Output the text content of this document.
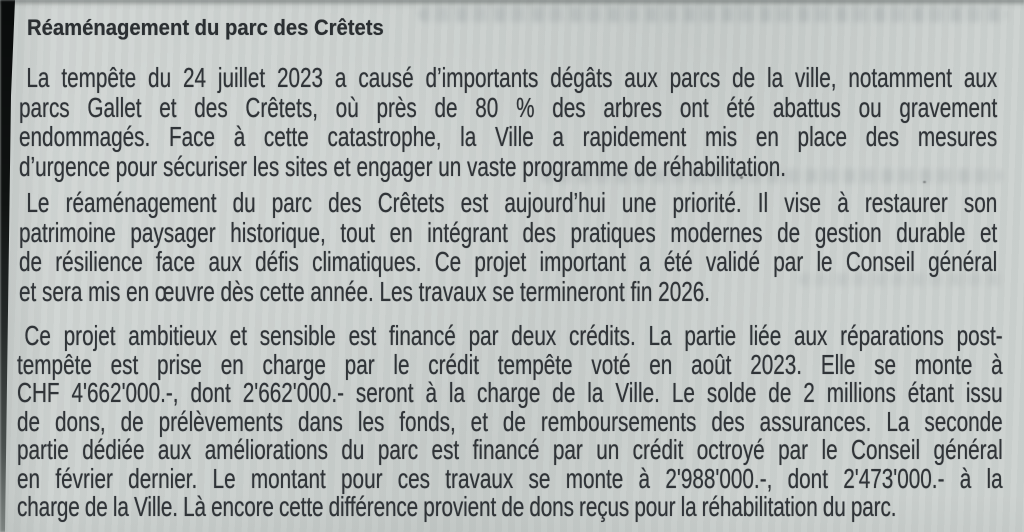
Réaménagement du parc des Crêtets
La tempête du 24 juillet 2023 a causé d’importants dégâts aux parcs de la ville, notamment aux
parcs Gallet et des Crêtets, où près de 80 % des arbres ont été abattus ou gravement
endommagés. Face à cette catastrophe, la Ville a rapidement mis en place des mesures
d’urgence pour sécuriser les sites et engager un vaste programme de réhabilitation.
Le réaménagement du parc des Crêtets est aujourd’hui une priorité. Il vise à restaurer son
patrimoine paysager historique, tout en intégrant des pratiques modernes de gestion durable et
de résilience face aux défis climatiques. Ce projet important a été validé par le Conseil général
et sera mis en œuvre dès cette année. Les travaux se termineront fin 2026.
Ce projet ambitieux et sensible est financé par deux crédits. La partie liée aux réparations post-
tempête est prise en charge par le crédit tempête voté en août 2023. Elle se monte à
CHF 4'662'000.-, dont 2'662'000.- seront à la charge de la Ville. Le solde de 2 millions étant issu
de dons, de prélèvements dans les fonds, et de remboursements des assurances. La seconde
partie dédiée aux améliorations du parc est financé par un crédit octroyé par le Conseil général
en février dernier. Le montant pour ces travaux se monte à 2'988'000.-, dont 2'473'000.- à la
charge de la Ville. Là encore cette différence provient de dons reçus pour la réhabilitation du parc.
